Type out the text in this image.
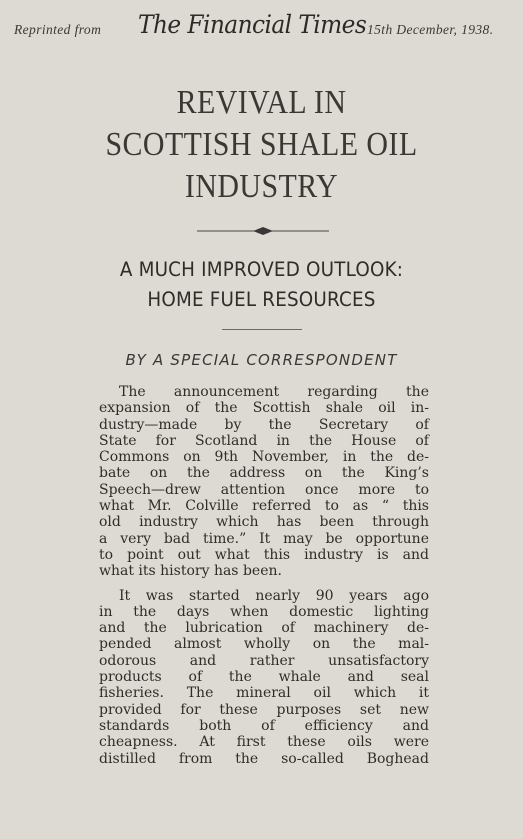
Reprinted from The Financial Times 15th December, 1938.
REVIVAL IN
SCOTTISH SHALE OIL
INDUSTRY
A MUCH IMPROVED OUTLOOK:
HOME FUEL RESOURCES
BY A SPECIAL CORRESPONDENT
The announcement regarding the
expansion of the Scottish shale oil in-
dustry—made by the Secretary of
State for Scotland in the House of
Commons on 9th November, in the de-
bate on the address on the King’s
Speech—drew attention once more to
what Mr. Colville referred to as “ this
old industry which has been through
a very bad time.” It may be opportune
to point out what this industry is and
what its history has been.
It was started nearly 90 years ago
in the days when domestic lighting
and the lubrication of machinery de-
pended almost wholly on the mal-
odorous and rather unsatisfactory
products of the whale and seal
fisheries. The mineral oil which it
provided for these purposes set new
standards both of efficiency and
cheapness. At first these oils were
distilled from the so-called Boghead
